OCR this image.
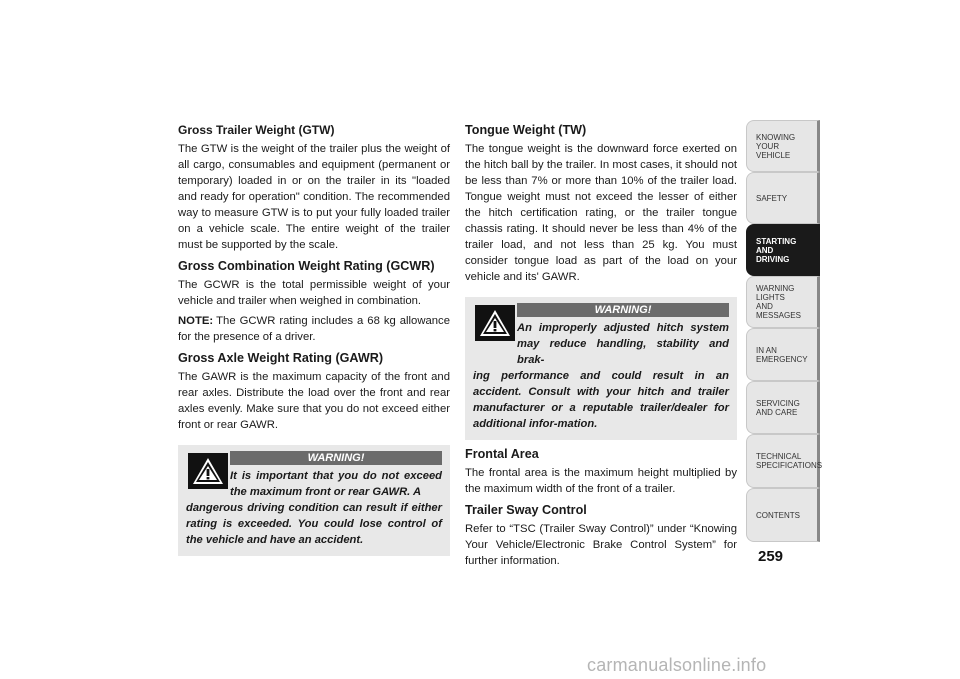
Gross Trailer Weight (GTW)
The GTW is the weight of the trailer plus the weight of all cargo, consumables and equipment (permanent or temporary) loaded in or on the trailer in its "loaded and ready for operation" condition. The recommended way to measure GTW is to put your fully loaded trailer on a vehicle scale. The entire weight of the trailer must be supported by the scale.
Gross Combination Weight Rating (GCWR)
The GCWR is the total permissible weight of your vehicle and trailer when weighed in combination.
NOTE: The GCWR rating includes a 68 kg allowance for the presence of a driver.
Gross Axle Weight Rating (GAWR)
The GAWR is the maximum capacity of the front and rear axles. Distribute the load over the front and rear axles evenly. Make sure that you do not exceed either front or rear GAWR.
WARNING!
It is important that you do not exceed the maximum front or rear GAWR. A
dangerous driving condition can result if either rating is exceeded. You could lose control of the vehicle and have an accident.
Tongue Weight (TW)
The tongue weight is the downward force exerted on the hitch ball by the trailer. In most cases, it should not be less than 7% or more than 10% of the trailer load. Tongue weight must not exceed the lesser of either the hitch certification rating, or the trailer tongue chassis rating. It should never be less than 4% of the trailer load, and not less than 25 kg. You must consider tongue load as part of the load on your vehicle and its' GAWR.
WARNING!
An improperly adjusted hitch system may reduce handling, stability and brak-
ing performance and could result in an accident. Consult with your hitch and trailer manufacturer or a reputable trailer/dealer for additional infor-mation.
Frontal Area
The frontal area is the maximum height multiplied by the maximum width of the front of a trailer.
Trailer Sway Control
Refer to “TSC (Trailer Sway Control)” under “Knowing Your Vehicle/Electronic Brake Control System” for further information.
KNOWING
YOUR
VEHICLE
SAFETY
STARTING
AND
DRIVING
WARNING
LIGHTS
AND
MESSAGES
IN AN
EMERGENCY
SERVICING
AND CARE
TECHNICAL
SPECIFICATIONS
CONTENTS
259
carmanualsonline.info
